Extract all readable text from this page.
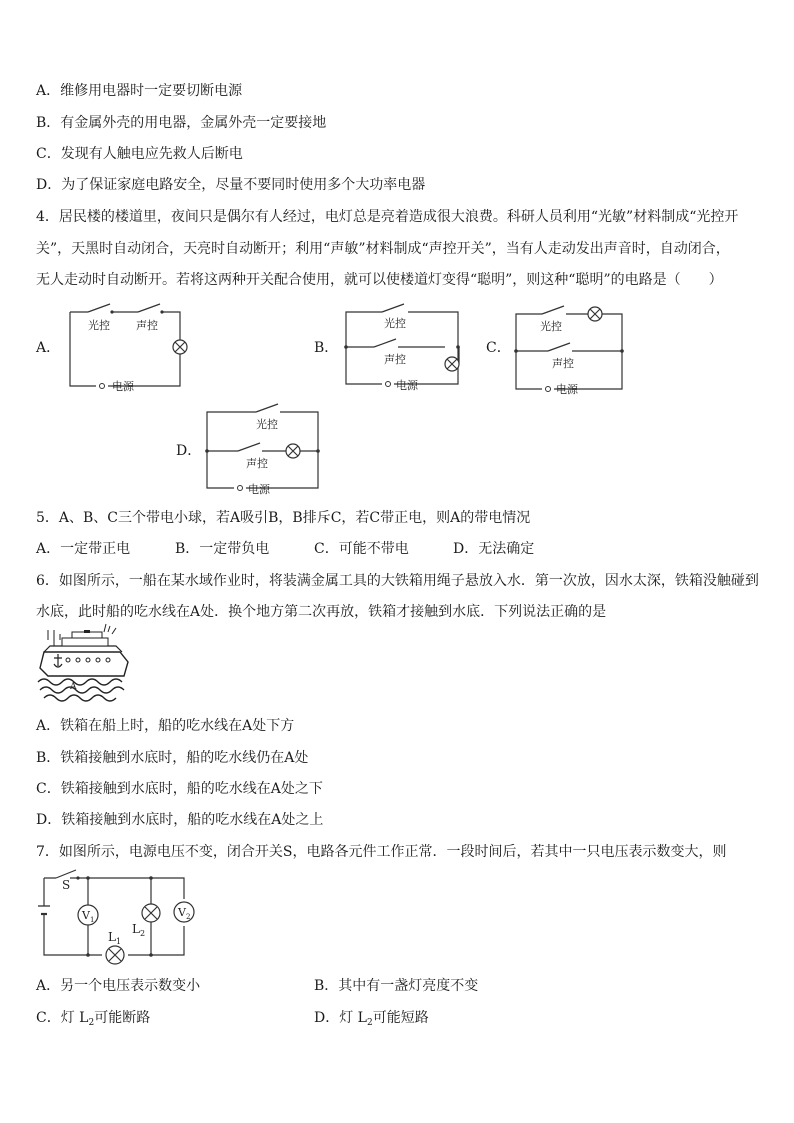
A．维修用电器时一定要切断电源
B．有金属外壳的用电器，金属外壳一定要接地
C．发现有人触电应先救人后断电
D．为了保证家庭电路安全，尽量不要同时使用多个大功率电器
4．居民楼的楼道里，夜间只是偶尔有人经过，电灯总是亮着造成很大浪费。科研人员利用“光敏”材料制成“光控开
关”，天黑时自动闭合，天亮时自动断开；利用“声敏”材料制成“声控开关”，当有人走动发出声音时，自动闭合，
无人走动时自动断开。若将这两种开关配合使用，就可以使楼道灯变得“聪明”，则这种“聪明”的电路是（　　）
A．
光控 声控
电源
B．
光控
声控
电源
C．
光控
声控
电源
D．
光控
声控
电源
5．A、B、C三个带电小球，若A吸引B，B排斥C，若C带正电，则A的带电情况
A．一定带正电	B．一定带负电	C．可能不带电	D．无法确定
6．如图所示，一船在某水域作业时，将装满金属工具的大铁箱用绳子悬放入水．第一次放，因水太深，铁箱没触碰到
水底，此时船的吃水线在A处．换个地方第二次再放，铁箱才接触到水底．下列说法正确的是
A
A．铁箱在船上时，船的吃水线在A处下方
B．铁箱接触到水底时，船的吃水线仍在A处
C．铁箱接触到水底时，船的吃水线在A处之下
D．铁箱接触到水底时，船的吃水线在A处之上
7．如图所示，电源电压不变，闭合开关S，电路各元件工作正常．一段时间后，若其中一只电压表示数变大，则
S
V 1
V 2
L 1
L 2
A．另一个电压表示数变小	B．其中有一盏灯亮度不变
C．灯 $L_2$可能断路	D．灯 $L_2$可能短路
